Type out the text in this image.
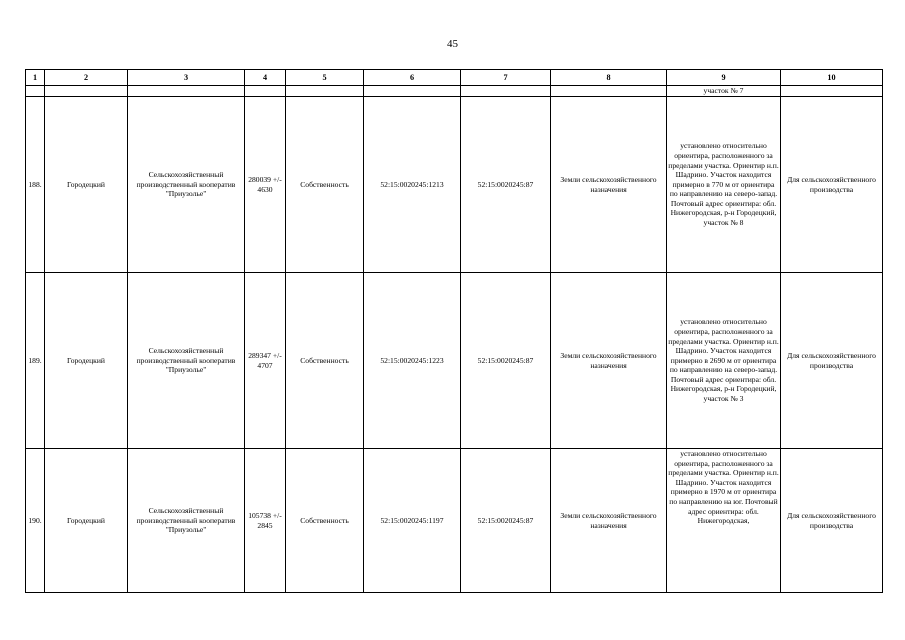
45
1	2	3	4	5	6	7	8	9	10
								участок № 7	
188.	Городецкий	Сельскохозяйственный производственный кооператив "Приузолье"	280039 +/- 4630	Собственность	52:15:0020245:1213	52:15:0020245:87	Земли сельскохозяйственного назначения	установлено относительно ориентира, расположенного за пределами участка. Ориентир н.п. Шадрино. Участок находится примерно в 770 м от ориентира по направлению на северо-запад. Почтовый адрес ориентира: обл. Нижегородская, р-н Городецкий, участок № 8	Для сельскохозяйственного производства
189.	Городецкий	Сельскохозяйственный производственный кооператив "Приузолье"	289347 +/- 4707	Собственность	52:15:0020245:1223	52:15:0020245:87	Земли сельскохозяйственного назначения	установлено относительно ориентира, расположенного за пределами участка. Ориентир н.п. Шадрино. Участок находится примерно в 2690 м от ориентира по направлению на северо-запад. Почтовый адрес ориентира: обл. Нижегородская, р-н Городецкий, участок № 3	Для сельскохозяйственного производства
190.	Городецкий	Сельскохозяйственный производственный кооператив "Приузолье"	105738 +/- 2845	Собственность	52:15:0020245:1197	52:15:0020245:87	Земли сельскохозяйственного назначения	установлено относительно ориентира, расположенного за пределами участка. Ориентир н.п. Шадрино. Участок находится примерно в 1970 м от ориентира по направлению на юг. Почтовый адрес ориентира: обл. Нижегородская,	Для сельскохозяйственного производства
